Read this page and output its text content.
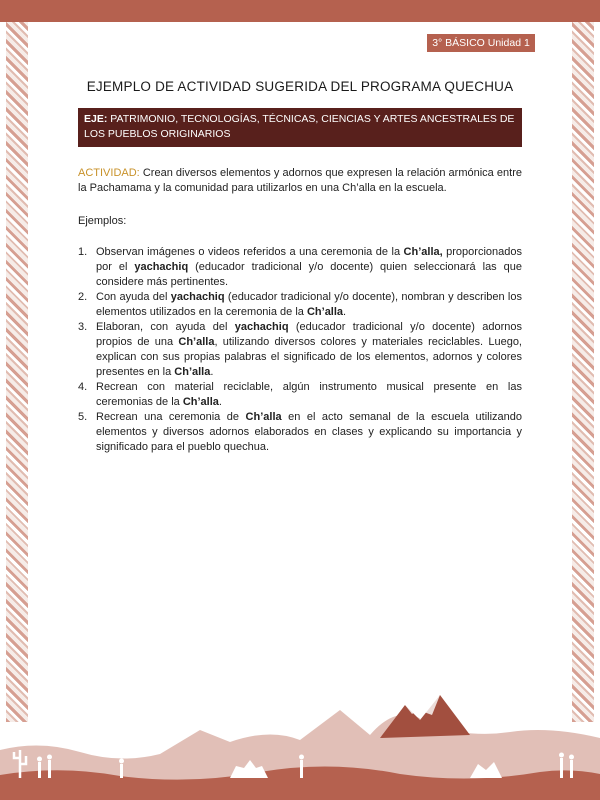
3° BÁSICO Unidad 1
EJEMPLO DE ACTIVIDAD SUGERIDA DEL PROGRAMA QUECHUA
EJE: PATRIMONIO, TECNOLOGÍAS, TÉCNICAS, CIENCIAS Y ARTES ANCESTRALES DE LOS PUEBLOS ORIGINARIOS
ACTIVIDAD: Crean diversos elementos y adornos que expresen la relación armónica entre la Pachamama y la comunidad para utilizarlos en una Ch’alla en la escuela.
Ejemplos:
1. Observan imágenes o videos referidos a una ceremonia de la Ch’alla, proporcionados por el yachachiq (educador tradicional y/o docente) quien seleccionará las que considere más pertinentes.
2. Con ayuda del yachachiq (educador tradicional y/o docente), nombran y describen los elementos utilizados en la ceremonia de la Ch’alla.
3. Elaboran, con ayuda del yachachiq (educador tradicional y/o docente) adornos propios de una Ch’alla, utilizando diversos colores y materiales reciclables. Luego, explican con sus propias palabras el significado de los elementos, adornos y colores presentes en la Ch’alla.
4. Recrean con material reciclable, algún instrumento musical presente en las ceremonias de la Ch’alla.
5. Recrean una ceremonia de Ch’alla en el acto semanal de la escuela utilizando elementos y diversos adornos elaborados en clases y explicando su importancia y significado para el pueblo quechua.
